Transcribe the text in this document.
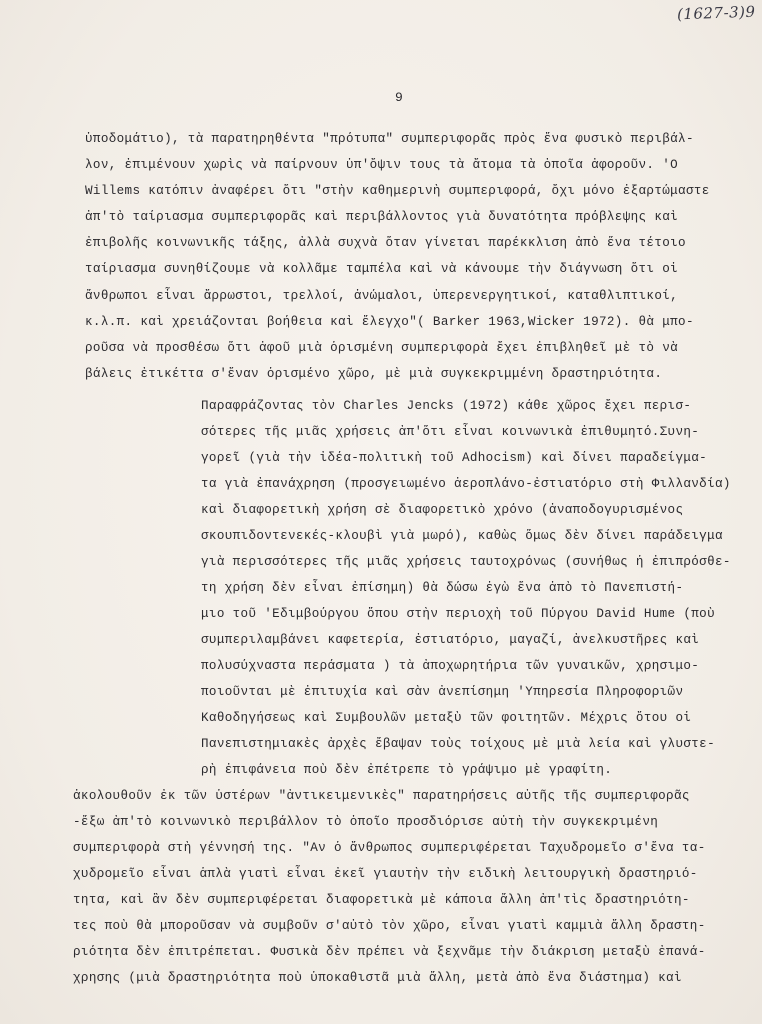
(1627-3)9
9
ὑποδομάτιο), τὰ παρατηρηθέντα "πρότυπα" συμπεριφορᾶς πρὸς ἕνα φυσικὸ περιβάλ-
λον, ἐπιμένουν χωρὶς νὰ παίρνουν ὑπ'ὄψιν τους τὰ ἄτομα τὰ ὁποῖα ἀφοροῦν. 'Ο
Willems κατόπιν ἀναφέρει ὅτι "στὴν καθημερινὴ συμπεριφορά, ὄχι μόνο ἐξαρτώμαστε
ἀπ'τὸ ταίριασμα συμπεριφορᾶς καὶ περιβάλλοντος γιὰ δυνατότητα πρόβλεψης καὶ
ἐπιβολῆς κοινωνικῆς τάξης, ἀλλὰ συχνὰ ὅταν γίνεται παρέκκλιση ἀπὸ ἕνα τέτοιο
ταίριασμα συνηθίζουμε νὰ κολλᾶμε ταμπέλα καὶ νὰ κάνουμε τὴν διάγνωση ὅτι οἱ
ἄνθρωποι εἶναι ἄρρωστοι, τρελλοί, ἀνώμαλοι, ὑπερενεργητικοί, καταθλιπτικοί,
κ.λ.π. καὶ χρειάζονται βοήθεια καὶ ἔλεγχο"( Barker 1963,Wicker 1972). θὰ μπο-
ροῦσα νὰ προσθέσω ὅτι ἀφοῦ μιὰ ὁρισμένη συμπεριφορὰ ἔχει ἐπιβληθεῖ μὲ τὸ νὰ
βάλεις ἐτικέττα σ'ἕναν ὁρισμένο χῶρο, μὲ μιὰ συγκεκριμμένη δραστηριότητα.
Παραφράζοντας τὸν Charles Jencks (1972) κάθε χῶρος ἔχει περισ-
σότερες τῆς μιᾶς χρήσεις ἀπ'ὅτι εἶναι κοινωνικὰ ἐπιθυμητό.Συνη-
γορεῖ (γιὰ τὴν ἰδέα-πολιτικὴ τοῦ Adhocism) καὶ δίνει παραδείγμα-
τα γιὰ ἐπανάχρηση (προσγειωμένο ἀεροπλάνο-ἐστιατόριο στὴ Φιλλανδία)
καὶ διαφορετικὴ χρήση σὲ διαφορετικὸ χρόνο (ἀναποδογυρισμένος
σκουπιδοντενεκές-κλουβὶ γιὰ μωρό), καθὼς ὅμως δὲν δίνει παράδειγμα
γιὰ περισσότερες τῆς μιᾶς χρήσεις ταυτοχρόνως (συνήθως ἡ ἐπιπρόσθε-
τη χρήση δὲν εἶναι ἐπίσημη) θὰ δώσω ἐγὼ ἕνα ἀπὸ τὸ Πανεπιστή-
μιο τοῦ 'Εδιμβούργου ὅπου στὴν περιοχὴ τοῦ Πύργου David Hume (ποὺ
συμπεριλαμβάνει καφετερία, ἐστιατόριο, μαγαζί, ἀνελκυστῆρες καὶ
πολυσύχναστα περάσματα ) τὰ ἀποχωρητήρια τῶν γυναικῶν, χρησιμο-
ποιοῦνται μὲ ἐπιτυχία καὶ σὰν ἀνεπίσημη 'Υπηρεσία Πληροφοριῶν
Καθοδηγήσεως καὶ Συμβουλῶν μεταξὺ τῶν φοιτητῶν. Μέχρις ὅτου οἱ
Πανεπιστημιακὲς ἀρχὲς ἔβαψαν τοὺς τοίχους μὲ μιὰ λεία καὶ γλυστε-
ρὴ ἐπιφάνεια ποὺ δὲν ἐπέτρεπε τὸ γράψιμο μὲ γραφίτη.
ἀκολουθοῦν ἐκ τῶν ὑστέρων "ἀντικειμενικὲς" παρατηρήσεις αὐτῆς τῆς συμπεριφορᾶς
-ἔξω ἀπ'τὸ κοινωνικὸ περιβάλλον τὸ ὁποῖο προσδιόρισε αὐτὴ τὴν συγκεκριμένη
συμπεριφορὰ στὴ γέννησή της. "Αν ὁ ἄνθρωπος συμπεριφέρεται Ταχυδρομεῖο σ'ἕνα τα-
χυδρομεῖο εἶναι ἁπλὰ γιατὶ εἶναι ἐκεῖ γιαυτὴν τὴν ειδικὴ λειτουργικὴ δραστηριό-
τητα, καὶ ἂν δὲν συμπεριφέρεται διαφορετικὰ μὲ κάποια ἄλλη ἀπ'τὶς δραστηριότη-
τες ποὺ θὰ μποροῦσαν νὰ συμβοῦν σ'αὐτὸ τὸν χῶρο, εἶναι γιατὶ καμμιὰ ἄλλη δραστη-
ριότητα δὲν ἐπιτρέπεται. Φυσικὰ δὲν πρέπει νὰ ξεχνᾶμε τὴν διάκριση μεταξὺ ἐπανά-
χρησης (μιὰ δραστηριότητα ποὺ ὑποκαθιστᾶ μιὰ ἄλλη, μετὰ ἀπὸ ἕνα διάστημα) καὶ
